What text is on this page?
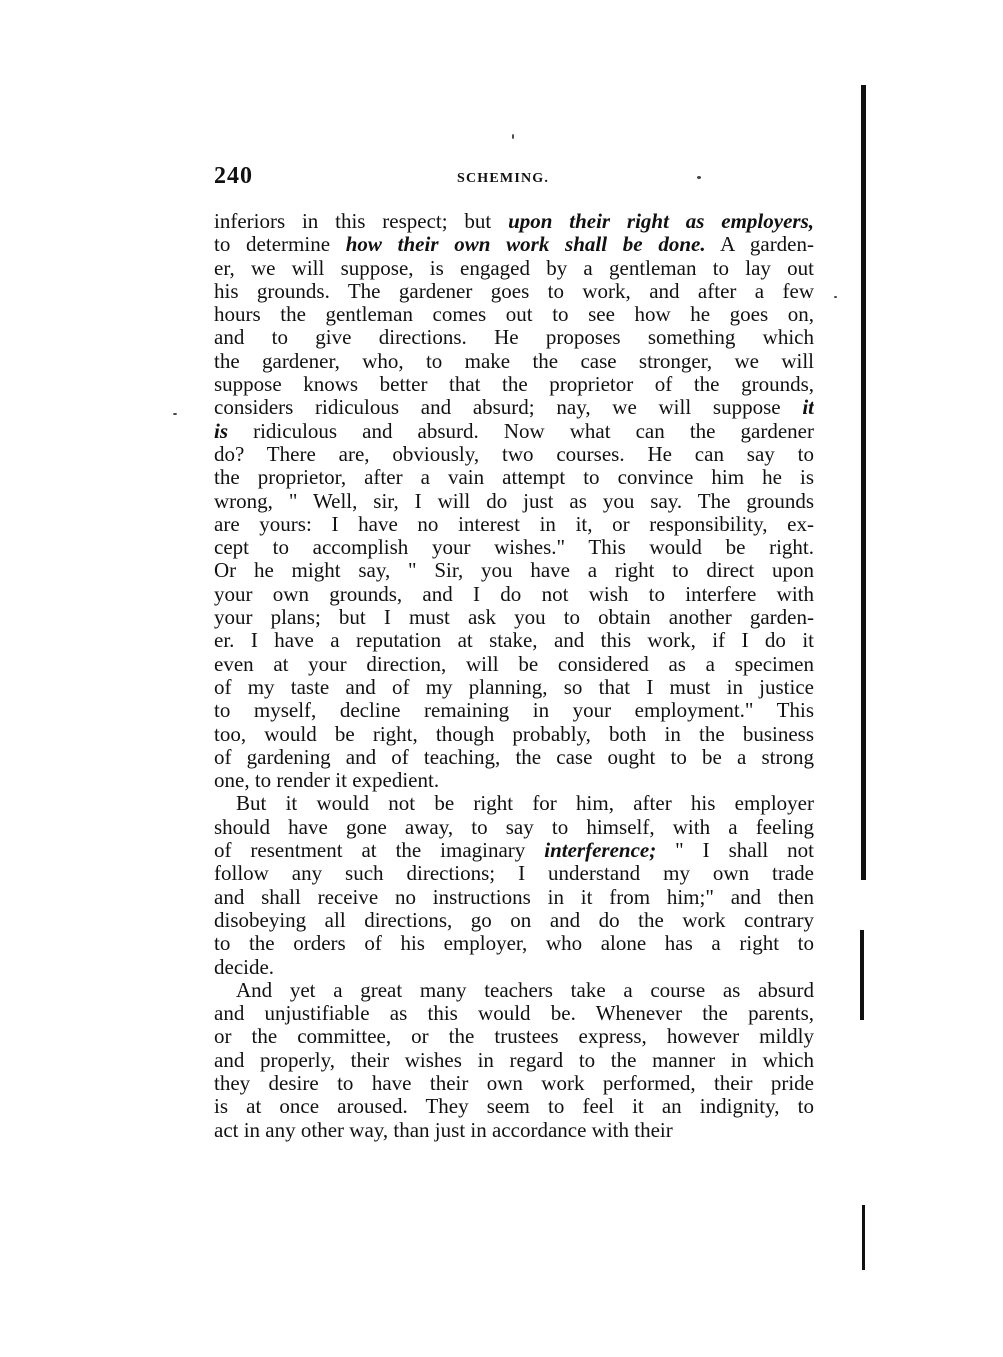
240	SCHEMING.
inferiors in this respect; but upon their right as employers,
to determine how their own work shall be done. A garden-
er, we will suppose, is engaged by a gentleman to lay out
his grounds. The gardener goes to work, and after a few
hours the gentleman comes out to see how he goes on,
and to give directions. He proposes something which
the gardener, who, to make the case stronger, we will
suppose knows better that the proprietor of the grounds,
considers ridiculous and absurd; nay, we will suppose it
is ridiculous and absurd. Now what can the gardener
do? There are, obviously, two courses. He can say to
the proprietor, after a vain attempt to convince him he is
wrong, " Well, sir, I will do just as you say. The grounds
are yours: I have no interest in it, or responsibility, ex-
cept to accomplish your wishes." This would be right.
Or he might say, " Sir, you have a right to direct upon
your own grounds, and I do not wish to interfere with
your plans; but I must ask you to obtain another garden-
er. I have a reputation at stake, and this work, if I do it
even at your direction, will be considered as a specimen
of my taste and of my planning, so that I must in justice
to myself, decline remaining in your employment." This
too, would be right, though probably, both in the business
of gardening and of teaching, the case ought to be a strong
one, to render it expedient.
But it would not be right for him, after his employer
should have gone away, to say to himself, with a feeling
of resentment at the imaginary interference; " I shall not
follow any such directions; I understand my own trade
and shall receive no instructions in it from him;" and then
disobeying all directions, go on and do the work contrary
to the orders of his employer, who alone has a right to
decide.
And yet a great many teachers take a course as absurd
and unjustifiable as this would be. Whenever the parents,
or the committee, or the trustees express, however mildly
and properly, their wishes in regard to the manner in which
they desire to have their own work performed, their pride
is at once aroused. They seem to feel it an indignity, to
act in any other way, than just in accordance with their
